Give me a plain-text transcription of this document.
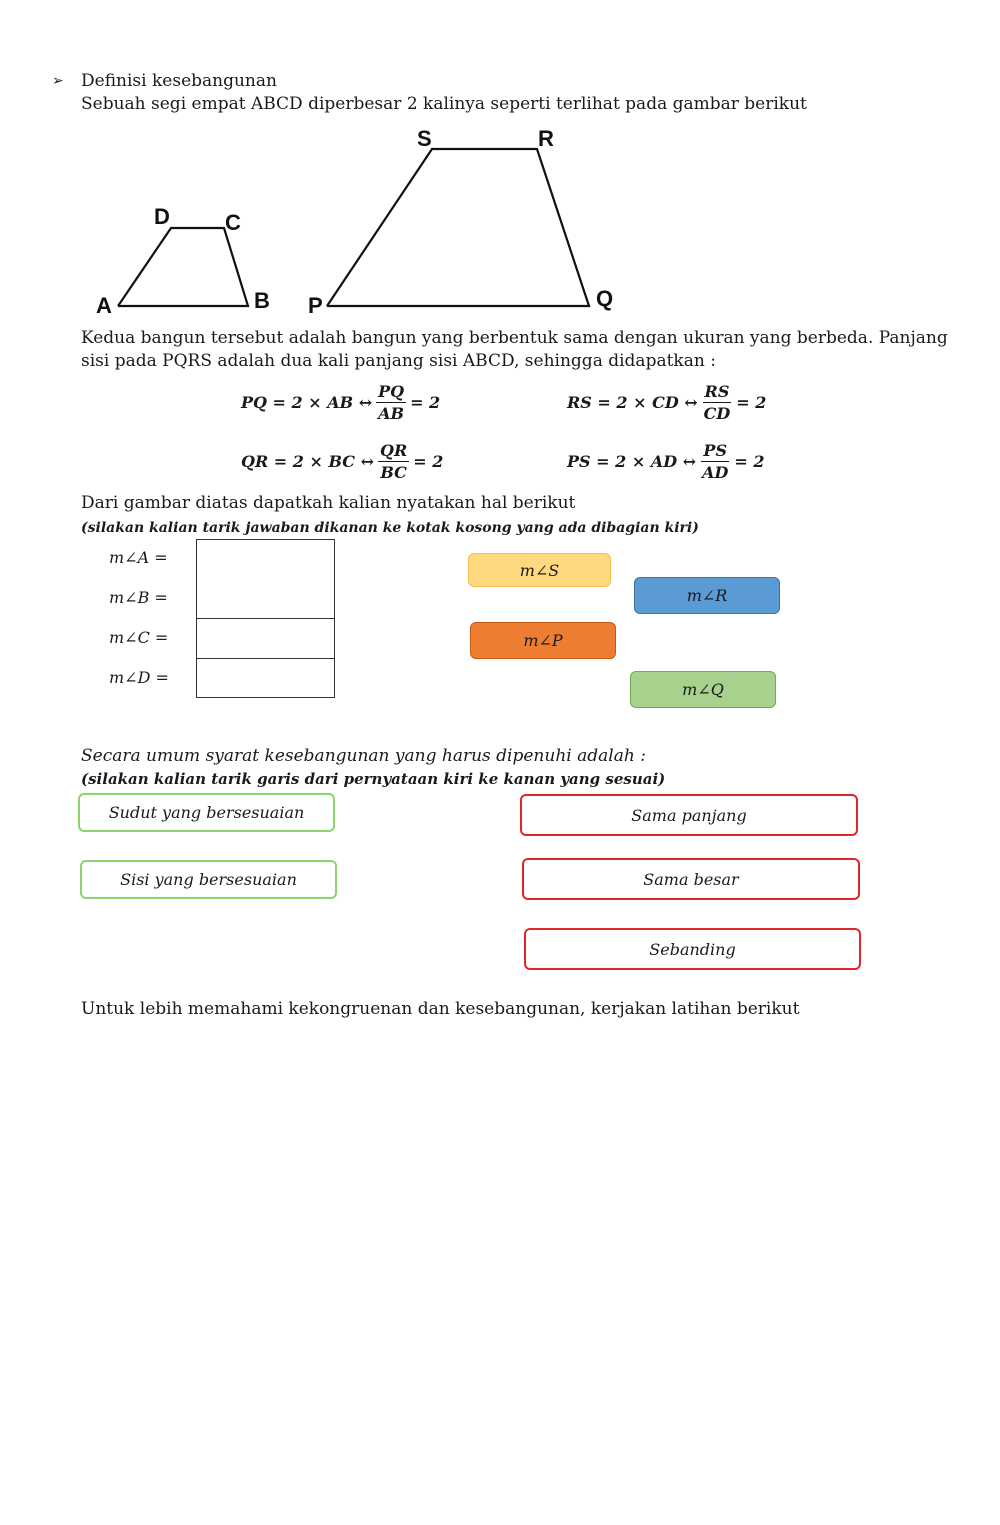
➢ Definisi kesebangunan
Sebuah segi empat ABCD diperbesar 2 kalinya seperti terlihat pada gambar berikut
A	B
C
D
P	Q
R
S
Kedua bangun tersebut adalah bangun yang berbentuk sama dengan ukuran yang berbeda. Panjang sisi pada PQRS adalah dua kali panjang sisi ABCD, sehingga didapatkan :
PQ = 2 × AB ↔ $\frac{PQ}{AB} = 2$	RS = 2 × CD ↔ $\frac{RS}{CD} = 2$
QR = 2 × BC ↔ $\frac{QR}{BC} = 2$	PS = 2 × AD ↔ $\frac{PS}{AD} = 2$
Dari gambar diatas dapatkah kalian nyatakan hal berikut
(silakan kalian tarik jawaban dikanan ke kotak kosong yang ada dibagian kiri)
m∠A =
m∠B =
m∠C =
m∠D =
m∠S
m∠R
m∠P
m∠Q
Secara umum syarat kesebangunan yang harus dipenuhi adalah :
(silakan kalian tarik garis dari pernyataan kiri ke kanan yang sesuai)
Sudut yang bersesuaian
Sisi yang bersesuaian
Sama panjang
Sama besar
Sebanding
Untuk lebih memahami kekongruenan dan kesebangunan, kerjakan latihan berikut
